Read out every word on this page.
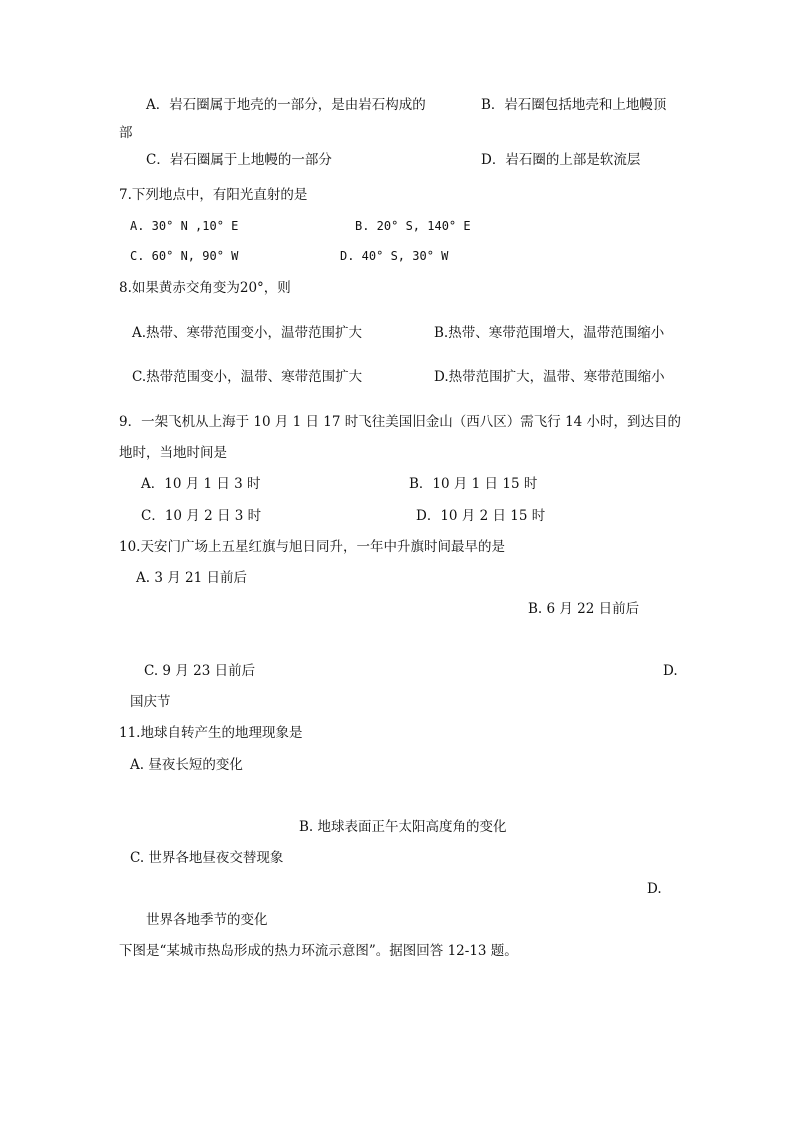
A．岩石圈属于地壳的一部分，是由岩石构成的	B．岩石圈包括地壳和上地幔顶
部
C．岩石圈属于上地幔的一部分	D．岩石圈的上部是软流层
7.下列地点中，有阳光直射的是
A. 30° N ,10° E	B. 20° S, 140° E
C. 60° N, 90° W	D. 40° S, 30° W
8.如果黄赤交角变为20°，则
A.热带、寒带范围变小，温带范围扩大	B.热带、寒带范围增大，温带范围缩小
C.热带范围变小，温带、寒带范围扩大	D.热带范围扩大，温带、寒带范围缩小
9．一架飞机从上海于 10 月 1 日 17 时飞往美国旧金山（西八区）需飞行 14 小时，到达目的
地时，当地时间是
A．10 月 1 日 3 时	B．10 月 1 日 15 时
C．10 月 2 日 3 时	D．10 月 2 日 15 时
10.天安门广场上五星红旗与旭日同升，一年中升旗时间最早的是
A. 3 月 21 日前后
B. 6 月 22 日前后
C. 9 月 23 日前后	D.
国庆节
11.地球自转产生的地理现象是
A. 昼夜长短的变化
B. 地球表面正午太阳高度角的变化
C. 世界各地昼夜交替现象
D.
世界各地季节的变化
下图是“某城市热岛形成的热力环流示意图”。据图回答 12-13 题。
